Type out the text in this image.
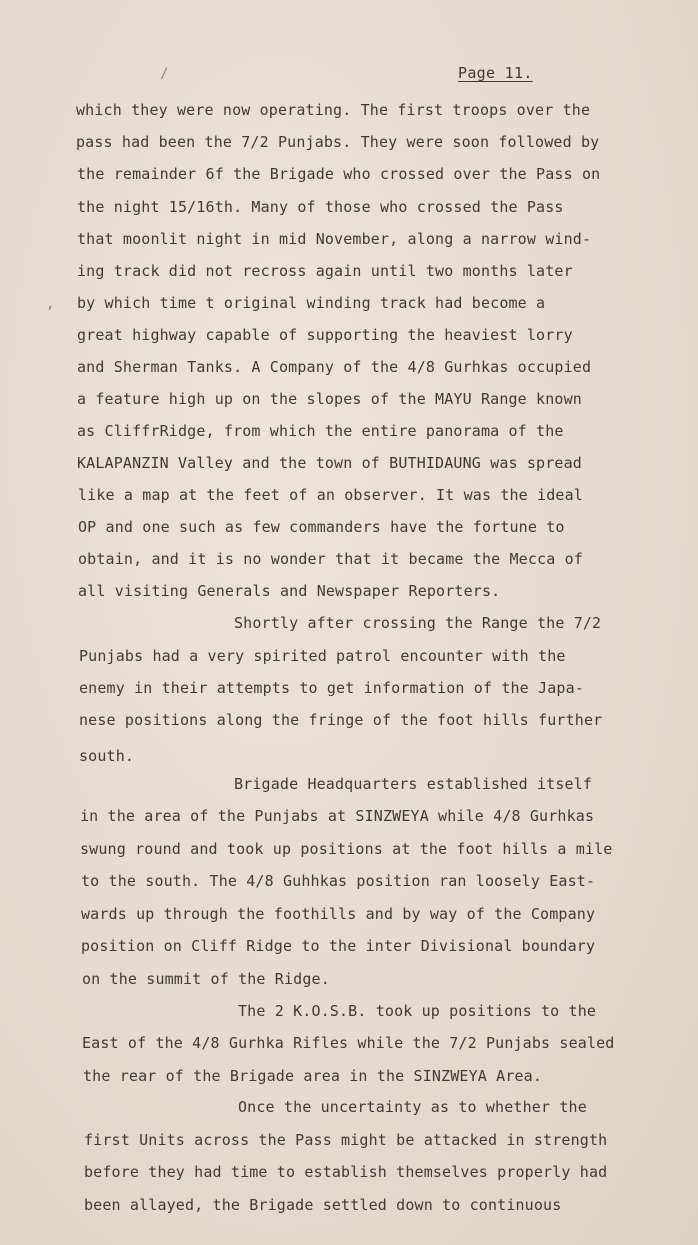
/
,
Page 11.
which they were now operating. The first troops over the
pass had been the 7/2 Punjabs. They were soon followed by
the remainder 6f the Brigade who crossed over the Pass on
the night 15/16th. Many of those who crossed the Pass
that moonlit night in mid November, along a narrow wind-
ing track did not recross again until two months later
by which time t original winding track had become a
great highway capable of supporting the heaviest lorry
and Sherman Tanks. A Company of the 4/8 Gurhkas occupied
a feature high up on the slopes of the MAYU Range known
as CliffrRidge, from which the entire panorama of the
KALAPANZIN Valley and the town of BUTHIDAUNG was spread
like a map at the feet of an observer. It was the ideal
OP and one such as few commanders have the fortune to
obtain, and it is no wonder that it became the Mecca of
all visiting Generals and Newspaper Reporters.
Shortly after crossing the Range the 7/2
Punjabs had a very spirited patrol encounter with the
enemy in their attempts to get information of the Japa-
nese positions along the fringe of the foot hills further
south.
Brigade Headquarters established itself
in the area of the Punjabs at SINZWEYA while 4/8 Gurhkas
swung round and took up positions at the foot hills a mile
to the south. The 4/8 Guhhkas position ran loosely East-
wards up through the foothills and by way of the Company
position on Cliff Ridge to the inter Divisional boundary
on the summit of the Ridge.
The 2 K.O.S.B. took up positions to the
East of the 4/8 Gurhka Rifles while the 7/2 Punjabs sealed
the rear of the Brigade area in the SINZWEYA Area.
Once the uncertainty as to whether the
first Units across the Pass might be attacked in strength
before they had time to establish themselves properly had
been allayed, the Brigade settled down to continuous
